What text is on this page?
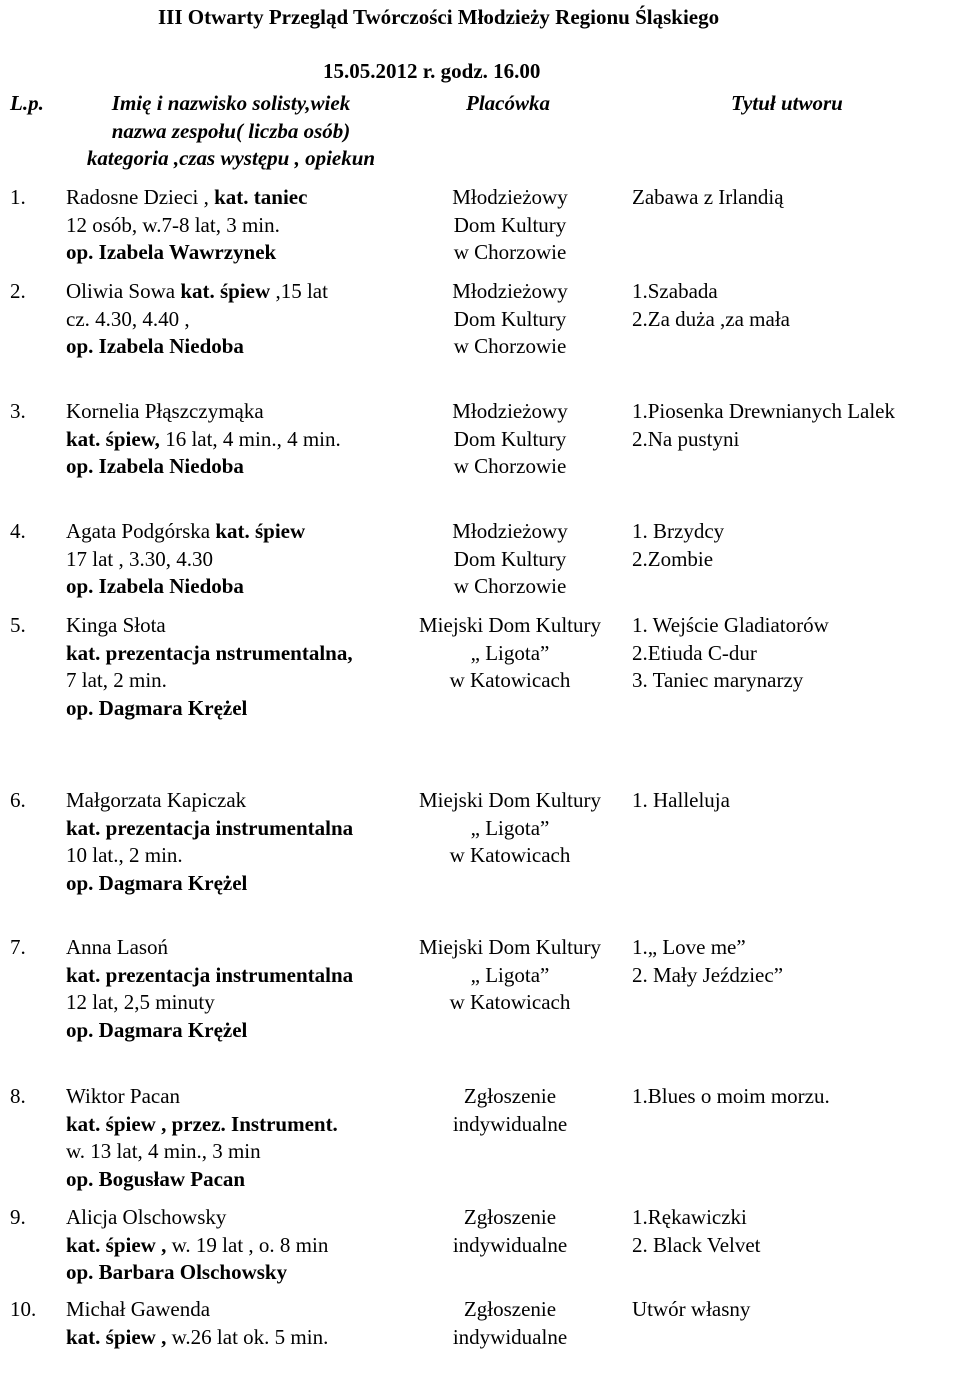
III Otwarty Przegląd Twórczości Młodzieży Regionu Śląskiego
15.05.2012 r. godz. 16.00
L.p.	Imię i nazwisko solisty,wiek
nazwa zespołu( liczba osób)
kategoria ,czas występu , opiekun
Placówka	Tytuł utworu
1. Radosne Dzieci , kat. taniec
12 osób, w.7-8 lat, 3 min.
op. Izabela Wawrzynek
Młodzieżowy
Dom Kultury
w Chorzowie
Zabawa z Irlandią
2. Oliwia Sowa kat. śpiew ,15 lat
cz. 4.30, 4.40 ,
op. Izabela Niedoba
Młodzieżowy
Dom Kultury
w Chorzowie
1.Szabada
2.Za duża ,za mała
3. Kornelia Płąszczymąka
kat. śpiew, 16 lat, 4 min., 4 min.
op. Izabela Niedoba
Młodzieżowy
Dom Kultury
w Chorzowie
1.Piosenka Drewnianych Lalek
2.Na pustyni
4. Agata Podgórska kat. śpiew
17 lat , 3.30, 4.30
op. Izabela Niedoba
Młodzieżowy
Dom Kultury
w Chorzowie
1. Brzydcy
2.Zombie
5. Kinga Słota
kat. prezentacja nstrumentalna,
7 lat, 2 min.
op. Dagmara Krężel
Miejski Dom Kultury
„ Ligota”
w Katowicach
1. Wejście Gladiatorów
2.Etiuda C-dur
3. Taniec marynarzy
6. Małgorzata Kapiczak
kat. prezentacja instrumentalna
10 lat., 2 min.
op. Dagmara Krężel
Miejski Dom Kultury
„ Ligota”
w Katowicach
1. Halleluja
7. Anna Lasoń
kat. prezentacja instrumentalna
12 lat, 2,5 minuty
op. Dagmara Krężel
Miejski Dom Kultury
„ Ligota”
w Katowicach
1.„ Love me”
2. Mały Jeździec”
8. Wiktor Pacan
kat. śpiew , przez. Instrument.
w. 13 lat, 4 min., 3 min
op. Bogusław Pacan
Zgłoszenie
indywidualne
1.Blues o moim morzu.
9. Alicja Olschowsky
kat. śpiew , w. 19 lat , o. 8 min
op. Barbara Olschowsky
Zgłoszenie
indywidualne
1.Rękawiczki
2. Black Velvet
10. Michał Gawenda
kat. śpiew , w.26 lat ok. 5 min.
Zgłoszenie
indywidualne
Utwór własny
